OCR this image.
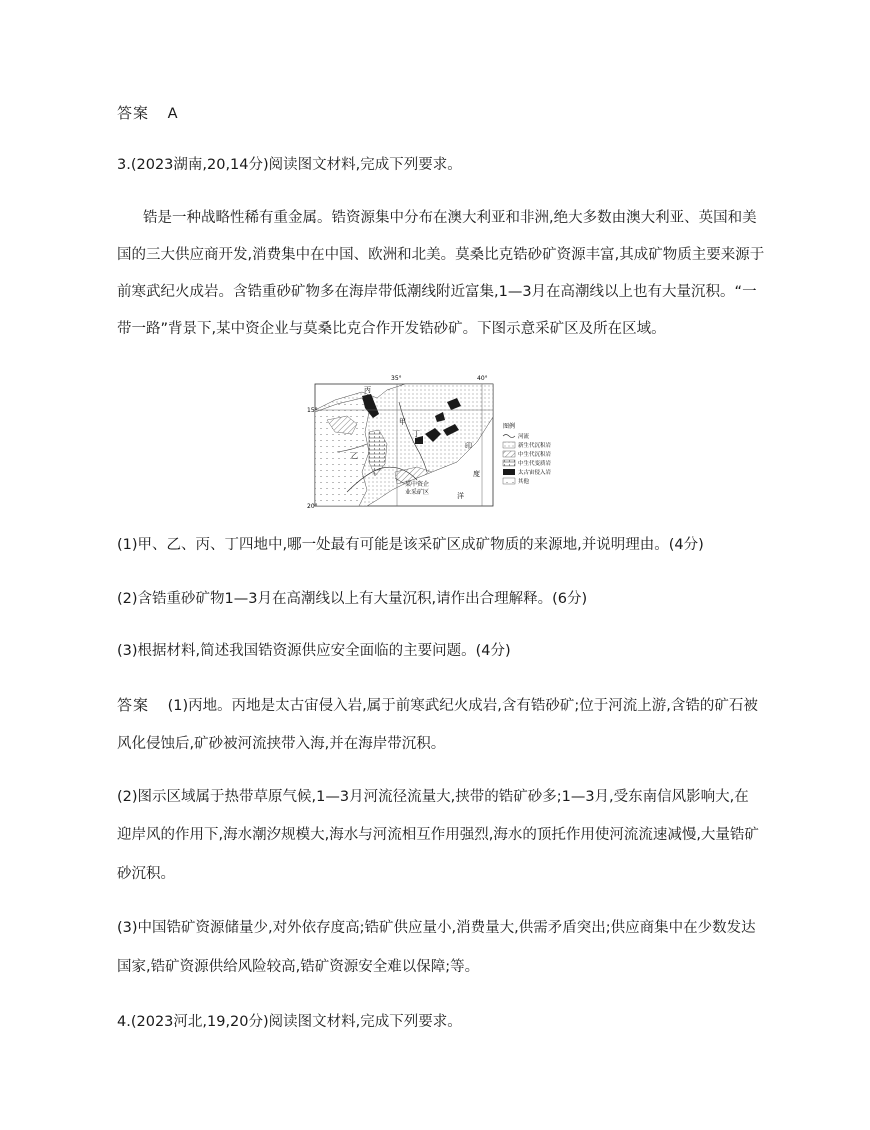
答案 A
3.(2023湖南,20,14分)阅读图文材料,完成下列要求。
锆是一种战略性稀有重金属。锆资源集中分布在澳大利亚和非洲,绝大多数由澳大利亚、英国和美
国的三大供应商开发,消费集中在中国、欧洲和北美。莫桑比克锆砂矿资源丰富,其成矿物质主要来源于
前寒武纪火成岩。含锆重砂矿物多在海岸带低潮线附近富集,1—3月在高潮线以上也有大量沉积。“一
带一路”背景下,某中资企业与莫桑比克合作开发锆砂矿。下图示意采矿区及所在区域。
35°	40°
15°
20°
丙
甲
乙
丁
印
度
洋
某中资企
业采矿区
图例
河流
新生代沉积岩
中生代沉积岩
中生代变质岩
太古宙侵入岩
其他
(1)甲、乙、丙、丁四地中,哪一处最有可能是该采矿区成矿物质的来源地,并说明理由。(4分)
(2)含锆重砂矿物1—3月在高潮线以上有大量沉积,请作出合理解释。(6分)
(3)根据材料,简述我国锆资源供应安全面临的主要问题。(4分)
答案 (1)丙地。丙地是太古宙侵入岩,属于前寒武纪火成岩,含有锆砂矿;位于河流上游,含锆的矿石被
风化侵蚀后,矿砂被河流挟带入海,并在海岸带沉积。
(2)图示区域属于热带草原气候,1—3月河流径流量大,挟带的锆矿砂多;1—3月,受东南信风影响大,在
迎岸风的作用下,海水潮汐规模大,海水与河流相互作用强烈,海水的顶托作用使河流流速减慢,大量锆矿
砂沉积。
(3)中国锆矿资源储量少,对外依存度高;锆矿供应量小,消费量大,供需矛盾突出;供应商集中在少数发达
国家,锆矿资源供给风险较高,锆矿资源安全难以保障;等。
4.(2023河北,19,20分)阅读图文材料,完成下列要求。
